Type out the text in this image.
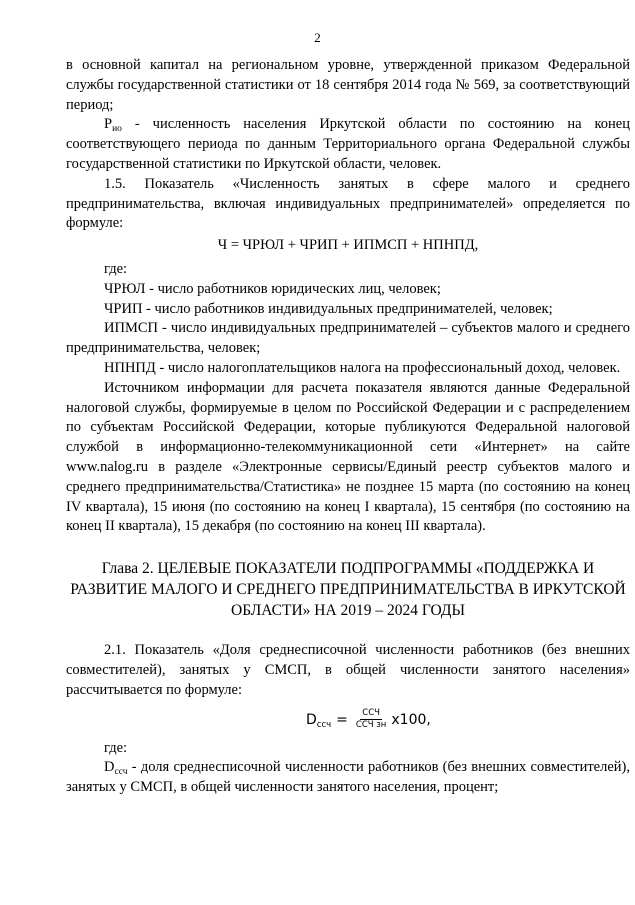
2

в основной капитал на региональном уровне, утвержденной приказом Федеральной службы государственной статистики от 18 сентября 2014 года № 569, за соответствующий период;

$P_{ио}$ - численность населения Иркутской области по состоянию на конец соответствующего периода по данным Территориального органа Федеральной службы государственной статистики по Иркутской области, человек.

1.5. Показатель «Численность занятых в сфере малого и среднего предпринимательства, включая индивидуальных предпринимателей» определяется по формуле:

Ч = ЧРЮЛ + ЧРИП + ИПМСП + НПНПД,

где:

ЧРЮЛ - число работников юридических лиц, человек;

ЧРИП - число работников индивидуальных предпринимателей, человек;

ИПМСП - число индивидуальных предпринимателей – субъектов малого и среднего предпринимательства, человек;

НПНПД - число налогоплательщиков налога на профессиональный доход, человек.

Источником информации для расчета показателя являются данные Федеральной налоговой службы, формируемые в целом по Российской Федерации и с распределением по субъектам Российской Федерации, которые публикуются Федеральной налоговой службой в информационно-телекоммуникационной сети «Интернет» на сайте www.nalog.ru в разделе «Электронные сервисы/Единый реестр субъектов малого и среднего предпринимательства/Статистика» не позднее 15 марта (по состоянию на конец IV квартала), 15 июня (по состоянию на конец I квартала), 15 сентября (по состоянию на конец II квартала), 15 декабря (по состоянию на конец III квартала).

Глава 2. ЦЕЛЕВЫЕ ПОКАЗАТЕЛИ ПОДПРОГРАММЫ «ПОДДЕРЖКА И РАЗВИТИЕ МАЛОГО И СРЕДНЕГО ПРЕДПРИНИМАТЕЛЬСТВА В ИРКУТСКОЙ ОБЛАСТИ» НА 2019 – 2024 ГОДЫ

2.1. Показатель «Доля среднесписочной численности работников (без внешних совместителей), занятых у СМСП, в общей численности занятого населения» рассчитывается по формуле:

$D_{ссч} = \frac{\text{ССЧ}}{\text{ССЧ зн}} х100$,

где:

$D_{ссч}$ - доля среднесписочной численности работников (без внешних совместителей), занятых у СМСП, в общей численности занятого населения, процент;
